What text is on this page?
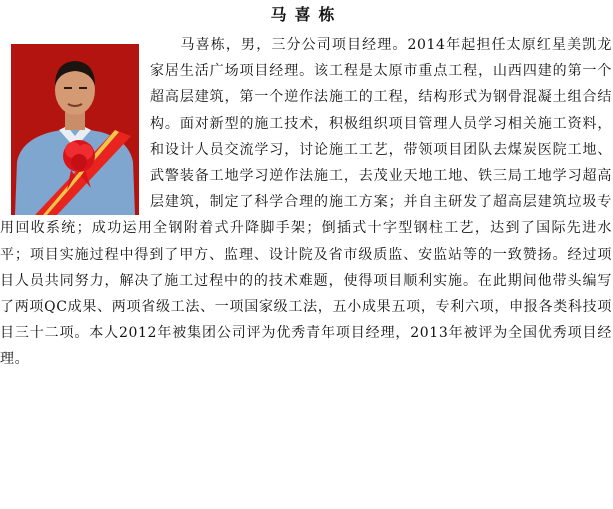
马喜栋
马喜栋，男，三分公司项目经理。2014年起担任太原红星美凯龙家居生活广场项目经理。该工程是太原市重点工程，山西四建的第一个超高层建筑，第一个逆作法施工的工程，结构形式为钢骨混凝土组合结构。面对新型的施工技术，积极组织项目管理人员学习相关施工资料，和设计人员交流学习，讨论施工工艺，带领项目团队去煤炭医院工地、武警装备工地学习逆作法施工，去茂业天地工地、铁三局工地学习超高层建筑，制定了科学合理的施工方案；并自主研发了超高层建筑垃圾专用回收系统；成功运用全钢附着式升降脚手架；倒插式十字型钢柱工艺，达到了国际先进水平；项目实施过程中得到了甲方、监理、设计院及省市级质监、安监站等的一致赞扬。经过项目人员共同努力，解决了施工过程中的的技术难题，使得项目顺利实施。在此期间他带头编写了两项QC成果、两项省级工法、一项国家级工法，五小成果五项，专利六项，申报各类科技项目三十二项。本人2012年被集团公司评为优秀青年项目经理，2013年被评为全国优秀项目经理。
